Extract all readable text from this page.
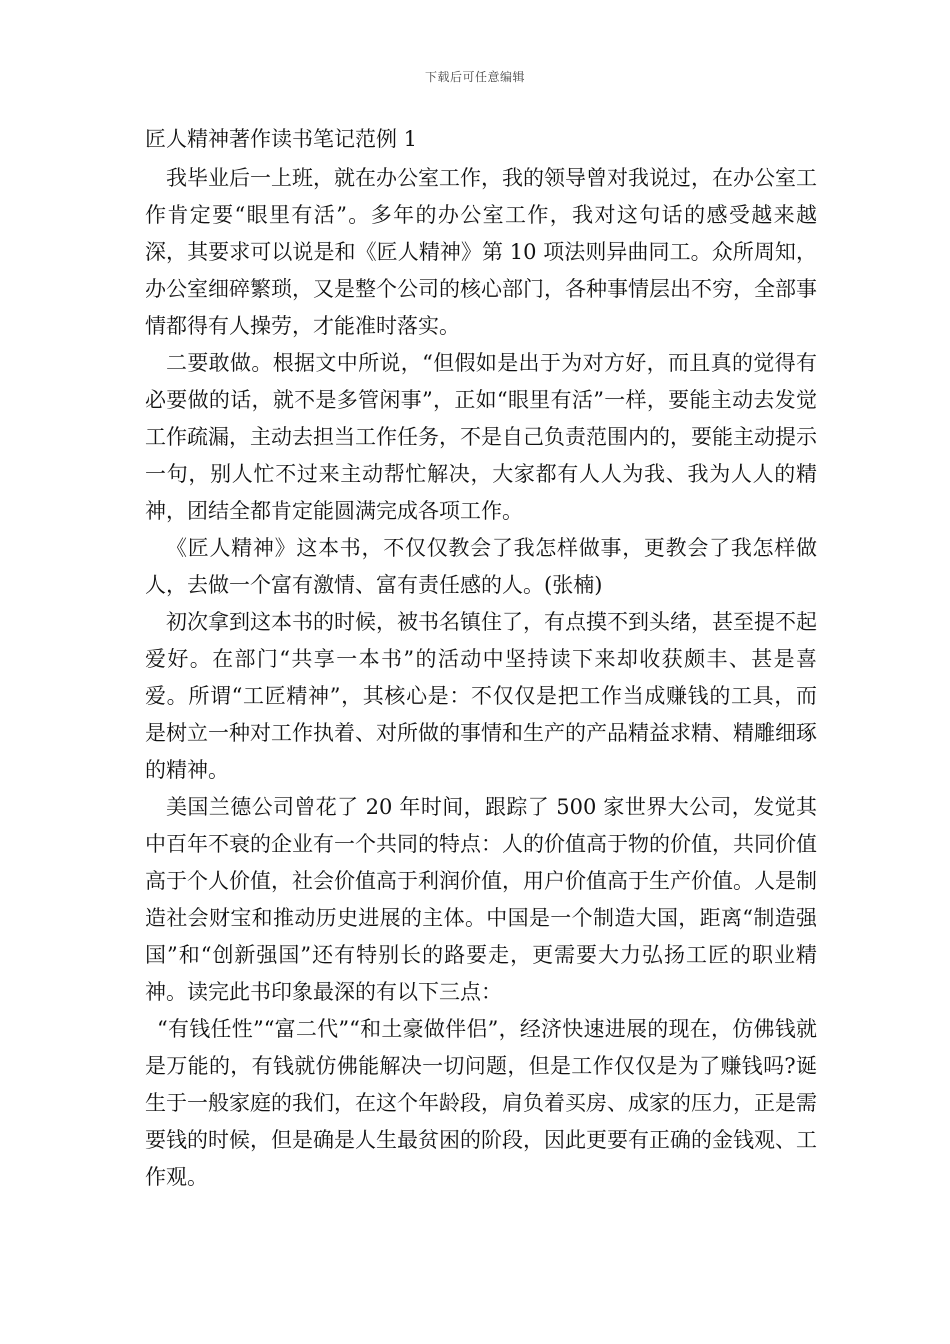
下载后可任意编辑
匠人精神著作读书笔记范例 1

我毕业后一上班，就在办公室工作，我的领导曾对我说过，在办公室工作肯定要“眼里有活”。多年的办公室工作，我对这句话的感受越来越深，其要求可以说是和《匠人精神》第 10 项法则异曲同工。众所周知，办公室细碎繁琐，又是整个公司的核心部门，各种事情层出不穷，全部事情都得有人操劳，才能准时落实。

二要敢做。根据文中所说，“但假如是出于为对方好，而且真的觉得有必要做的话，就不是多管闲事”，正如“眼里有活”一样，要能主动去发觉工作疏漏，主动去担当工作任务，不是自己负责范围内的，要能主动提示一句，别人忙不过来主动帮忙解决，大家都有人人为我、我为人人的精神，团结全都肯定能圆满完成各项工作。

《匠人精神》这本书，不仅仅教会了我怎样做事，更教会了我怎样做人，去做一个富有激情、富有责任感的人。(张楠)

初次拿到这本书的时候，被书名镇住了，有点摸不到头绪，甚至提不起爱好。在部门“共享一本书”的活动中坚持读下来却收获颇丰、甚是喜爱。所谓“工匠精神”，其核心是：不仅仅是把工作当成赚钱的工具，而是树立一种对工作执着、对所做的事情和生产的产品精益求精、精雕细琢的精神。

美国兰德公司曾花了 20 年时间，跟踪了 500 家世界大公司，发觉其中百年不衰的企业有一个共同的特点：人的价值高于物的价值，共同价值高于个人价值，社会价值高于利润价值，用户价值高于生产价值。人是制造社会财宝和推动历史进展的主体。中国是一个制造大国，距离“制造强国”和“创新强国”还有特别长的路要走，更需要大力弘扬工匠的职业精神。读完此书印象最深的有以下三点：

“有钱任性”“富二代”“和土豪做伴侣”，经济快速进展的现在，仿佛钱就是万能的，有钱就仿佛能解决一切问题，但是工作仅仅是为了赚钱吗?诞生于一般家庭的我们，在这个年龄段，肩负着买房、成家的压力，正是需要钱的时候，但是确是人生最贫困的阶段，因此更要有正确的金钱观、工作观。
